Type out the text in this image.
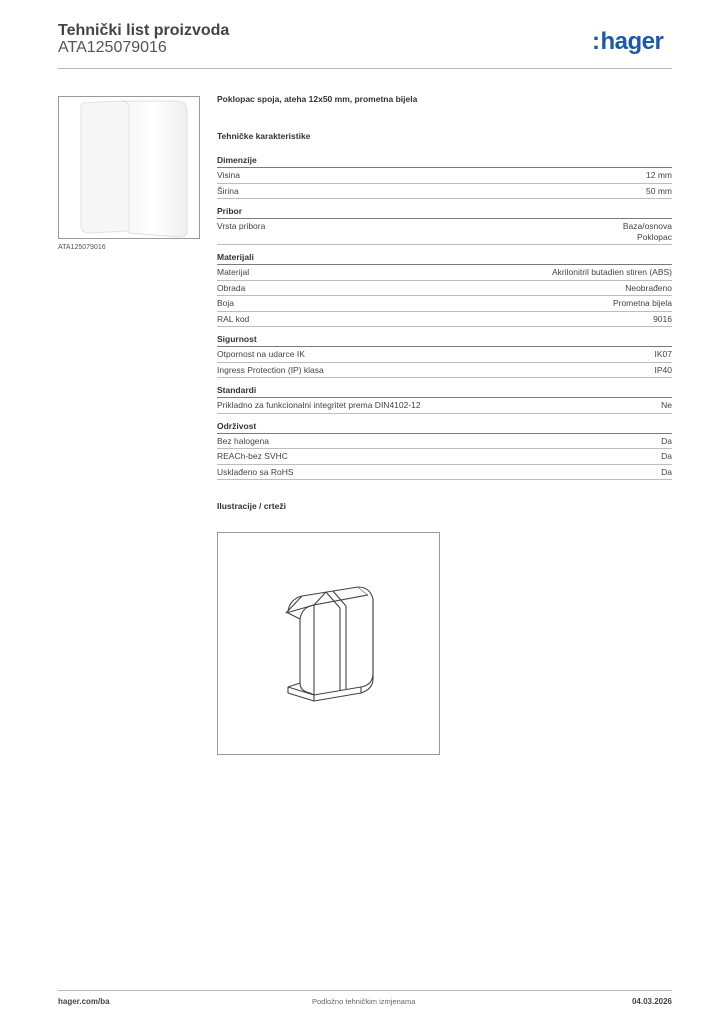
Tehnički list proizvoda
ATA125079016	:hager
ATA125079016
Poklopac spoja, ateha 12x50 mm, prometna bijela
Tehničke karakteristike
Dimenzije
Visina	12 mm
Širina	50 mm
Pribor
Vrsta pribora	Baza/osnova
Poklopac
Materijali
Materijal	Akrilonitril butadien stiren (ABS)
Obrada	Neobrađeno
Boja	Prometna bijela
RAL kod	9016
Sigurnost
Otpornost na udarce IK	IK07
Ingress Protection (IP) klasa	IP40
Standardi
Prikladno za funkcionalni integritet prema DIN4102-12	Ne
Održivost
Bez halogena	Da
REACh-bez SVHC	Da
Usklađeno sa RoHS	Da
Ilustracije / crteži
hager.com/ba	Podložno tehničkim izmjenama	04.03.2026
